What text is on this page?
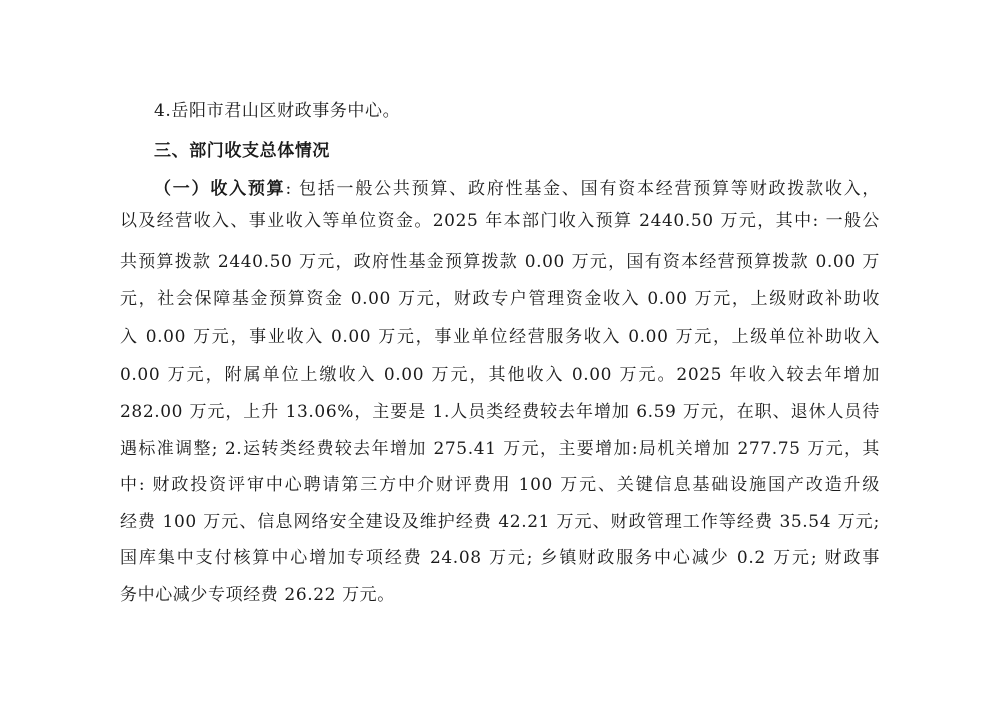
4.岳阳市君山区财政事务中心。
三、部门收支总体情况
（一）收入预算: 包括一般公共预算、政府性基金、国有资本经营预算等财政拨款收入，
以及经营收入、事业收入等单位资金。2025 年本部门收入预算 2440.50 万元，其中: 一般公
共预算拨款 2440.50 万元，政府性基金预算拨款 0.00 万元，国有资本经营预算拨款 0.00 万
元，社会保障基金预算资金 0.00 万元，财政专户管理资金收入 0.00 万元，上级财政补助收
入 0.00 万元，事业收入 0.00 万元，事业单位经营服务收入 0.00 万元，上级单位补助收入
0.00 万元，附属单位上缴收入 0.00 万元，其他收入 0.00 万元。2025 年收入较去年增加
282.00 万元，上升 13.06%，主要是 1.人员类经费较去年增加 6.59 万元，在职、退休人员待
遇标准调整; 2.运转类经费较去年增加 275.41 万元，主要增加:局机关增加 277.75 万元，其
中: 财政投资评审中心聘请第三方中介财评费用 100 万元、关键信息基础设施国产改造升级
经费 100 万元、信息网络安全建设及维护经费 42.21 万元、财政管理工作等经费 35.54 万元;
国库集中支付核算中心增加专项经费 24.08 万元; 乡镇财政服务中心减少 0.2 万元; 财政事
务中心减少专项经费 26.22 万元。
